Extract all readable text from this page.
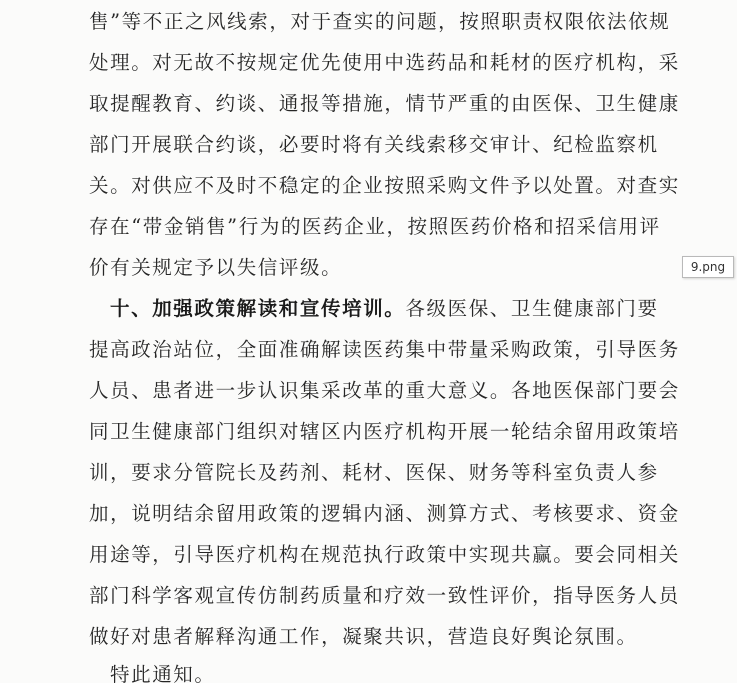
售”等不正之风线索，对于查实的问题，按照职责权限依法依规

处理。对无故不按规定优先使用中选药品和耗材的医疗机构，采

取提醒教育、约谈、通报等措施，情节严重的由医保、卫生健康

部门开展联合约谈，必要时将有关线索移交审计、纪检监察机

关。对供应不及时不稳定的企业按照采购文件予以处置。对查实

存在“带金销售”行为的医药企业，按照医药价格和招采信用评

价有关规定予以失信评级。

十、加强政策解读和宣传培训。各级医保、卫生健康部门要

提高政治站位，全面准确解读医药集中带量采购政策，引导医务

人员、患者进一步认识集采改革的重大意义。各地医保部门要会

同卫生健康部门组织对辖区内医疗机构开展一轮结余留用政策培

训，要求分管院长及药剂、耗材、医保、财务等科室负责人参

加，说明结余留用政策的逻辑内涵、测算方式、考核要求、资金

用途等，引导医疗机构在规范执行政策中实现共赢。要会同相关

部门科学客观宣传仿制药质量和疗效一致性评价，指导医务人员

做好对患者解释沟通工作，凝聚共识，营造良好舆论氛围。

特此通知。

9.png
